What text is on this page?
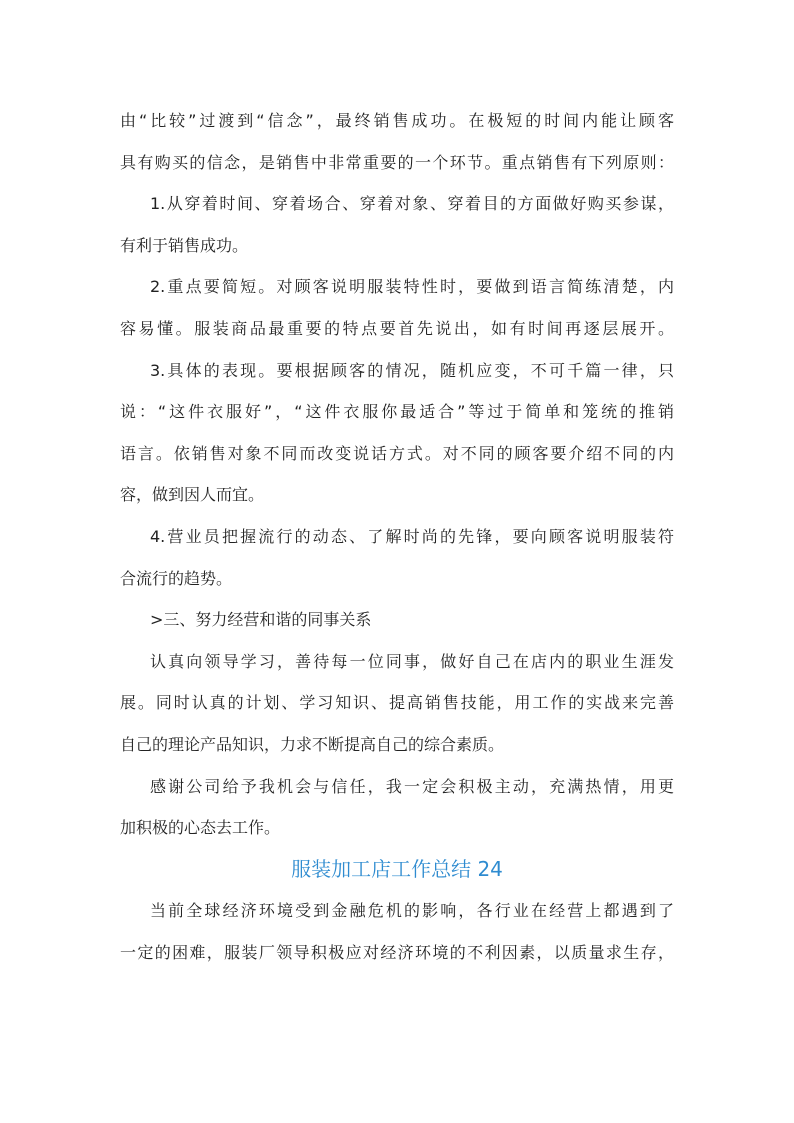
由“比较”过渡到“信念”，最终销售成功。在极短的时间内能让顾客
具有购买的信念，是销售中非常重要的一个环节。重点销售有下列原则：
1.从穿着时间、穿着场合、穿着对象、穿着目的方面做好购买参谋，
有利于销售成功。
2.重点要简短。对顾客说明服装特性时，要做到语言简练清楚，内
容易懂。服装商品最重要的特点要首先说出，如有时间再逐层展开。
3.具体的表现。要根据顾客的情况，随机应变，不可千篇一律，只
说：“这件衣服好”，“这件衣服你最适合”等过于简单和笼统的推销
语言。依销售对象不同而改变说话方式。对不同的顾客要介绍不同的内
容，做到因人而宜。
4.营业员把握流行的动态、了解时尚的先锋，要向顾客说明服装符
合流行的趋势。
>三、努力经营和谐的同事关系
认真向领导学习，善待每一位同事，做好自己在店内的职业生涯发
展。同时认真的计划、学习知识、提高销售技能，用工作的实战来完善
自己的理论产品知识，力求不断提高自己的综合素质。
感谢公司给予我机会与信任，我一定会积极主动，充满热情，用更
加积极的心态去工作。
服装加工店工作总结 24
当前全球经济环境受到金融危机的影响，各行业在经营上都遇到了
一定的困难，服装厂领导积极应对经济环境的不利因素，以质量求生存，
